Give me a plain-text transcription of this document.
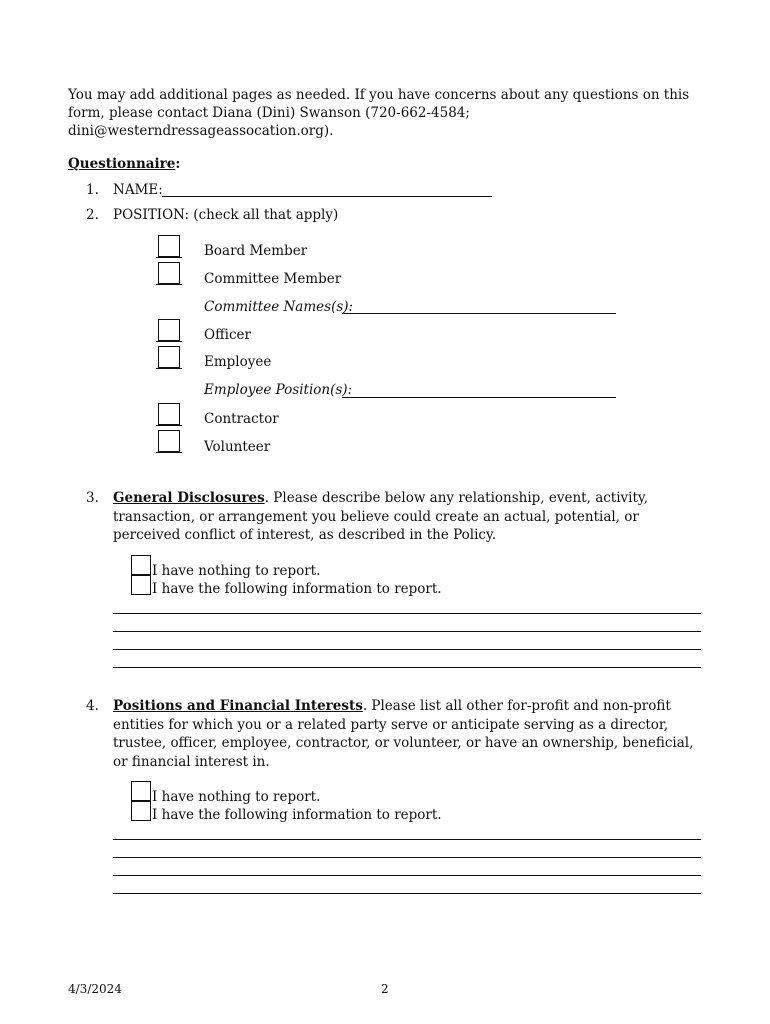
You may add additional pages as needed. If you have concerns about any questions on this form, please contact Diana (Dini) Swanson (720-662-4584; dini@westerndressageassocation.org).
Questionnaire:
1. NAME:
2. POSITION: (check all that apply)
Board Member
Committee Member
Committee Names(s):
Officer
Employee
Employee Position(s):
Contractor
Volunteer
3. General Disclosures. Please describe below any relationship, event, activity, transaction, or arrangement you believe could create an actual, potential, or perceived conflict of interest, as described in the Policy.
I have nothing to report.
I have the following information to report.
4. Positions and Financial Interests. Please list all other for-profit and non-profit entities for which you or a related party serve or anticipate serving as a director, trustee, officer, employee, contractor, or volunteer, or have an ownership, beneficial, or financial interest in.
I have nothing to report.
I have the following information to report.
4/3/2024	2
